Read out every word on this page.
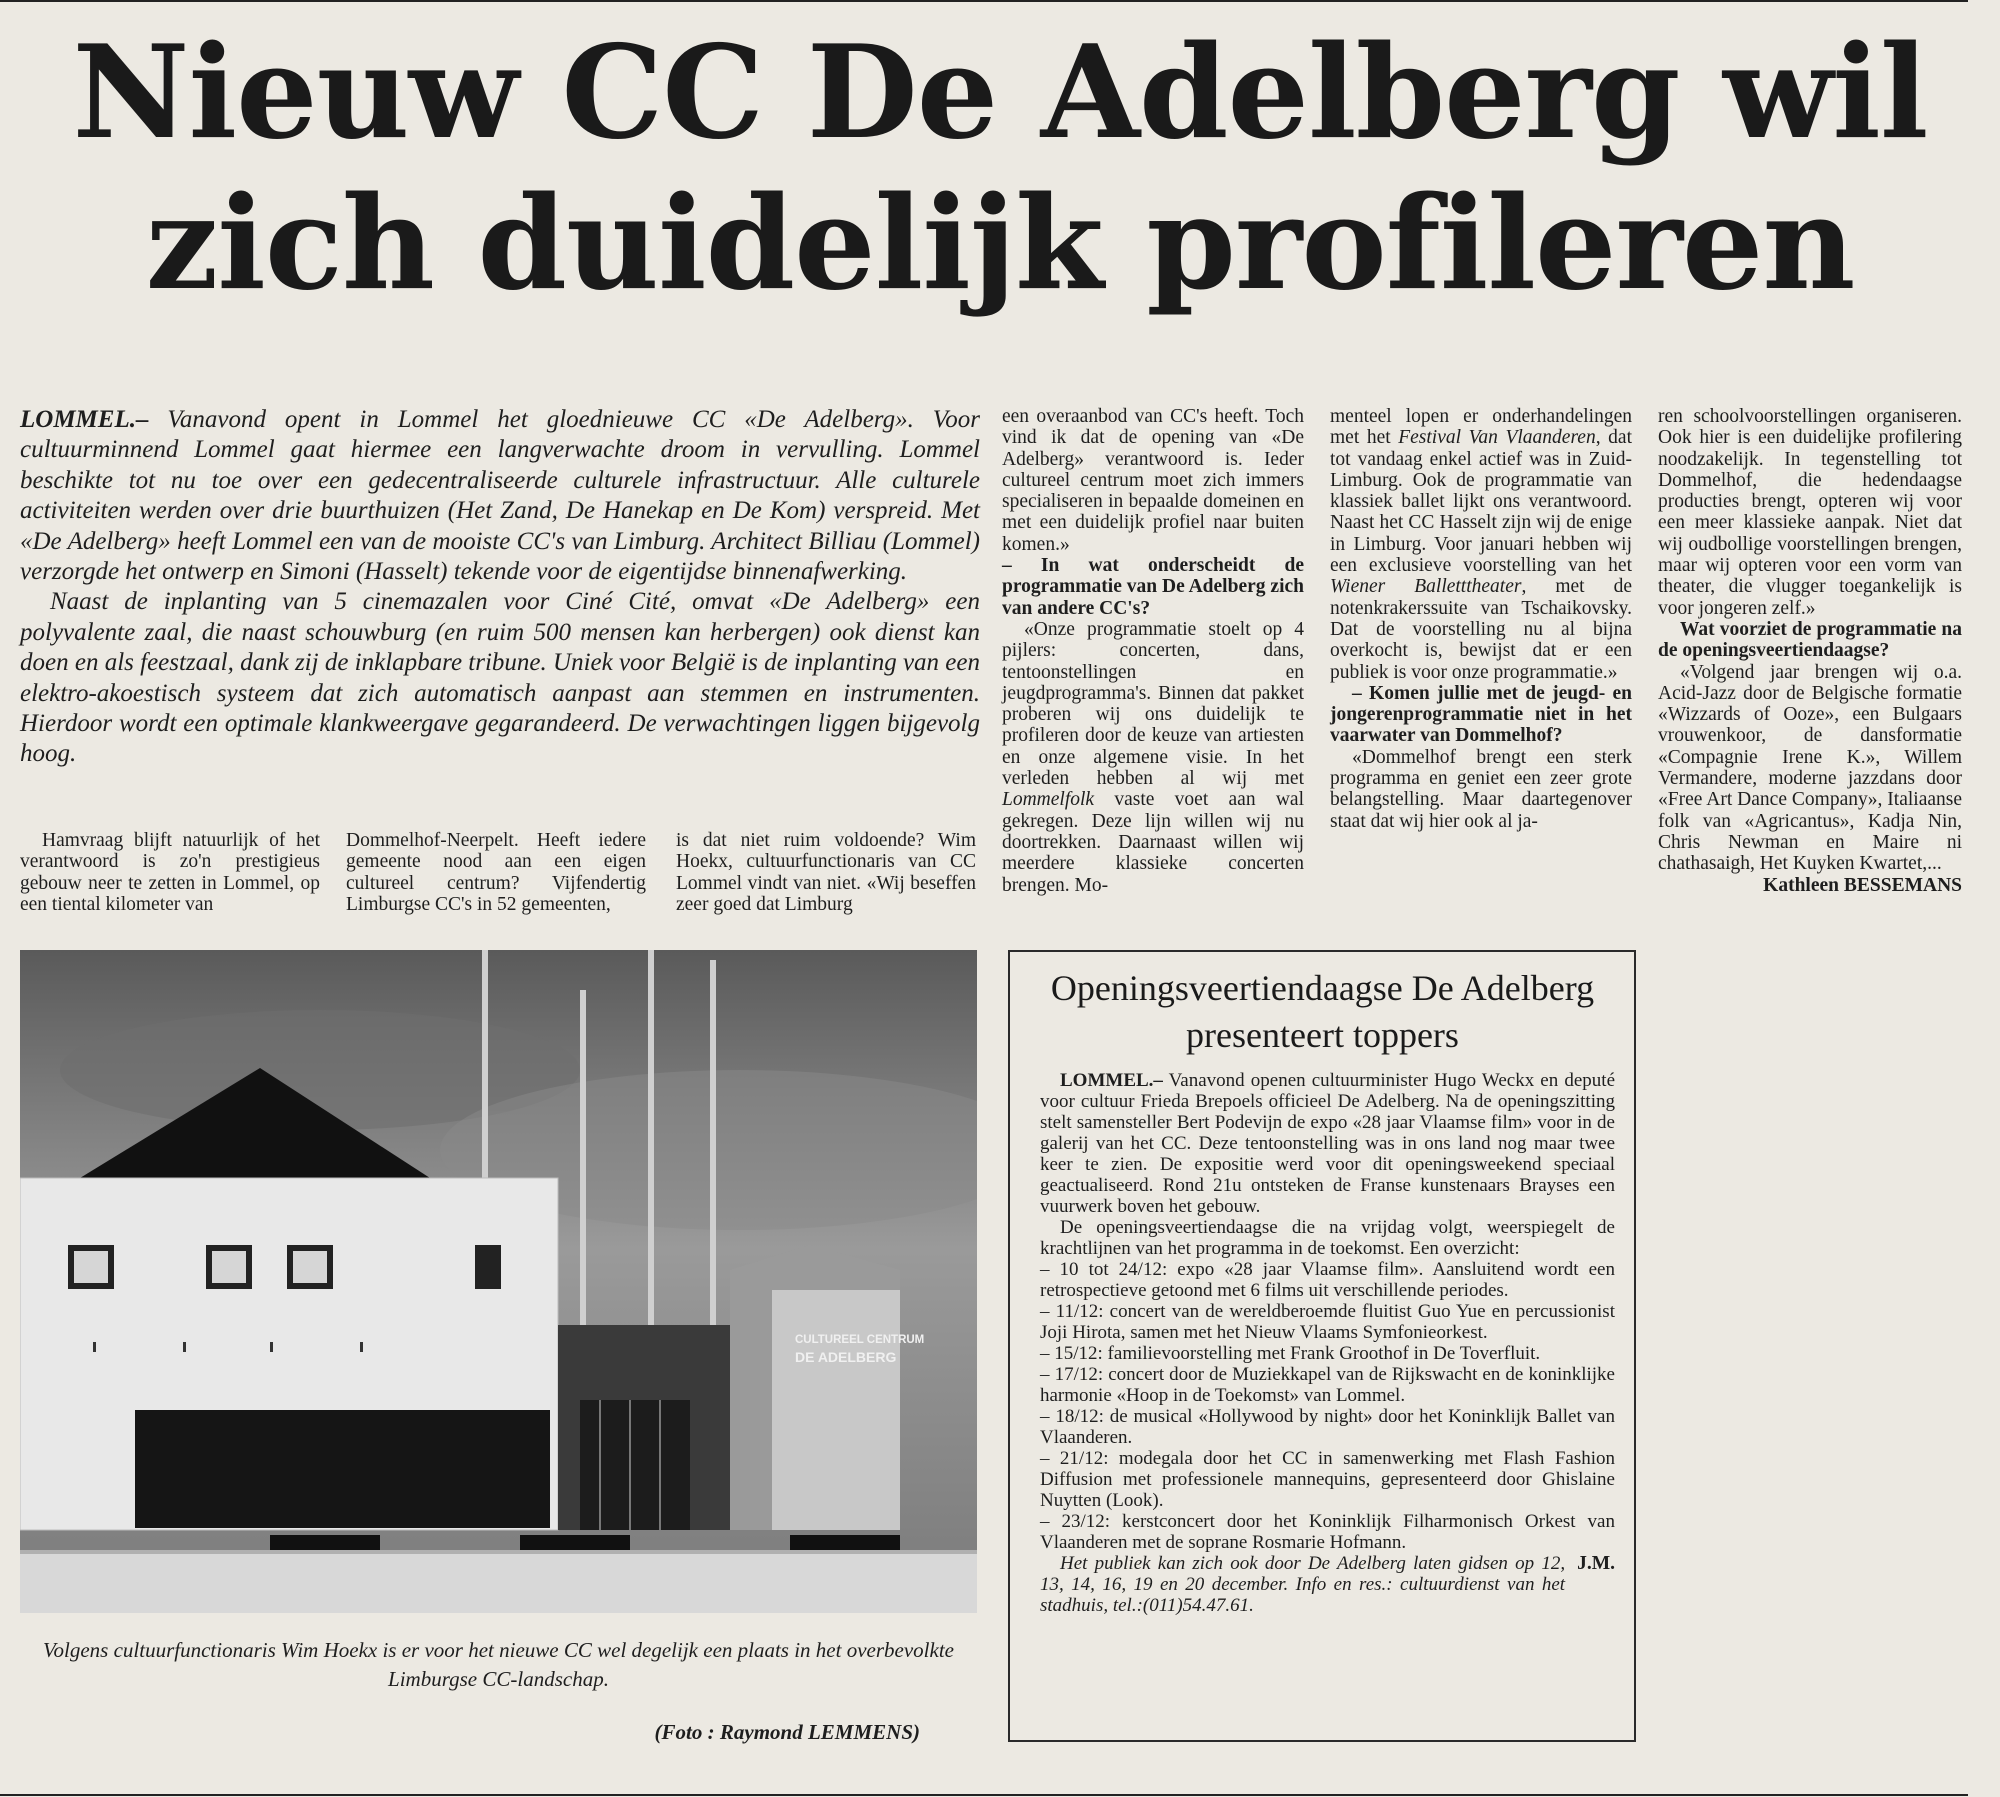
Nieuw CC De Adelberg wil zich duidelijk profileren

LOMMEL.– Vanavond opent in Lommel het gloednieuwe CC «De Adelberg». Voor cultuurminnend Lommel gaat hiermee een langverwachte droom in vervulling. Lommel beschikte tot nu toe over een gedecentraliseerde culturele infrastructuur. Alle culturele activiteiten werden over drie buurthuizen (Het Zand, De Hanekap en De Kom) verspreid. Met «De Adelberg» heeft Lommel een van de mooiste CC's van Limburg. Architect Billiau (Lommel) verzorgde het ontwerp en Simoni (Hasselt) tekende voor de eigentijdse binnenafwerking.

Naast de inplanting van 5 cinemazalen voor Ciné Cité, omvat «De Adelberg» een polyvalente zaal, die naast schouwburg (en ruim 500 mensen kan herbergen) ook dienst kan doen en als feestzaal, dank zij de inklapbare tribune. Uniek voor België is de inplanting van een elektro-akoestisch systeem dat zich automatisch aanpast aan stemmen en instrumenten. Hierdoor wordt een optimale klankweergave gegarandeerd. De verwachtingen liggen bijgevolg hoog.

Hamvraag blijft natuurlijk of het verantwoord is zo'n prestigieus gebouw neer te zetten in Lommel, op een tiental kilometer van

Dommelhof-Neerpelt. Heeft iedere gemeente nood aan een eigen cultureel centrum? Vijfendertig Limburgse CC's in 52 gemeenten,

is dat niet ruim voldoende? Wim Hoekx, cultuurfunctionaris van CC Lommel vindt van niet. «Wij beseffen zeer goed dat Limburg

een overaanbod van CC's heeft. Toch vind ik dat de opening van «De Adelberg» verantwoord is. Ieder cultureel centrum moet zich immers specialiseren in bepaalde domeinen en met een duidelijk profiel naar buiten komen.»

– In wat onderscheidt de programmatie van De Adelberg zich van andere CC's?

«Onze programmatie stoelt op 4 pijlers: concerten, dans, tentoonstellingen en jeugdprogramma's. Binnen dat pakket proberen wij ons duidelijk te profileren door de keuze van artiesten en onze algemene visie. In het verleden hebben al wij met Lommelfolk vaste voet aan wal gekregen. Deze lijn willen wij nu doortrekken. Daarnaast willen wij meerdere klassieke concerten brengen. Mo-

menteel lopen er onderhandelingen met het Festival Van Vlaanderen, dat tot vandaag enkel actief was in Zuid-Limburg. Ook de programmatie van klassiek ballet lijkt ons verantwoord. Naast het CC Hasselt zijn wij de enige in Limburg. Voor januari hebben wij een exclusieve voorstelling van het Wiener Balletttheater, met de notenkrakerssuite van Tschaikovsky. Dat de voorstelling nu al bijna overkocht is, bewijst dat er een publiek is voor onze programmatie.»

– Komen jullie met de jeugd- en jongerenprogrammatie niet in het vaarwater van Dommelhof?

«Dommelhof brengt een sterk programma en geniet een zeer grote belangstelling. Maar daartegenover staat dat wij hier ook al ja-

ren schoolvoorstellingen organiseren. Ook hier is een duidelijke profilering noodzakelijk. In tegenstelling tot Dommelhof, die hedendaagse producties brengt, opteren wij voor een meer klassieke aanpak. Niet dat wij oudbollige voorstellingen brengen, maar wij opteren voor een vorm van theater, die vlugger toegankelijk is voor jongeren zelf.»

Wat voorziet de programmatie na de openingsveertiendaagse?

«Volgend jaar brengen wij o.a. Acid-Jazz door de Belgische formatie «Wizzards of Ooze», een Bulgaars vrouwenkoor, de dansformatie «Compagnie Irene K.», Willem Vermandere, moderne jazzdans door «Free Art Dance Company», Italiaanse folk van «Agricantus», Kadja Nin, Chris Newman en Maire ni chathasaigh, Het Kuyken Kwartet,...

Kathleen BESSEMANS

CULTUREEL CENTRUM
DE ADELBERG
Volgens cultuurfunctionaris Wim Hoekx is er voor het nieuwe CC wel degelijk een plaats in het overbevolkte Limburgse CC-landschap.
(Foto : Raymond LEMMENS)
Openingsveertiendaagse De Adelberg presenteert toppers

LOMMEL.– Vanavond openen cultuurminister Hugo Weckx en deputé voor cultuur Frieda Brepoels officieel De Adelberg. Na de openingszitting stelt samensteller Bert Podevijn de expo «28 jaar Vlaamse film» voor in de galerij van het CC. Deze tentoonstelling was in ons land nog maar twee keer te zien. De expositie werd voor dit openingsweekend speciaal geactualiseerd. Rond 21u ontsteken de Franse kunstenaars Brayses een vuurwerk boven het gebouw.

De openingsveertiendaagse die na vrijdag volgt, weerspiegelt de krachtlijnen van het programma in de toekomst. Een overzicht:

– 10 tot 24/12: expo «28 jaar Vlaamse film». Aansluitend wordt een retrospectieve getoond met 6 films uit verschillende periodes.

– 11/12: concert van de wereldberoemde fluitist Guo Yue en percussionist Joji Hirota, samen met het Nieuw Vlaams Symfonieorkest.

– 15/12: familievoorstelling met Frank Groothof in De Toverfluit.

– 17/12: concert door de Muziekkapel van de Rijkswacht en de koninklijke harmonie «Hoop in de Toekomst» van Lommel.

– 18/12: de musical «Hollywood by night» door het Koninklijk Ballet van Vlaanderen.

– 21/12: modegala door het CC in samenwerking met Flash Fashion Diffusion met professionele mannequins, gepresenteerd door Ghislaine Nuytten (Look).

– 23/12: kerstconcert door het Koninklijk Filharmonisch Orkest van Vlaanderen met de soprane Rosmarie Hofmann.

Het publiek kan zich ook door De Adelberg laten gidsen op 12, 13, 14, 16, 19 en 20 december. Info en res.: cultuurdienst van het stadhuis, tel.:(011)54.47.61.

J.M.
